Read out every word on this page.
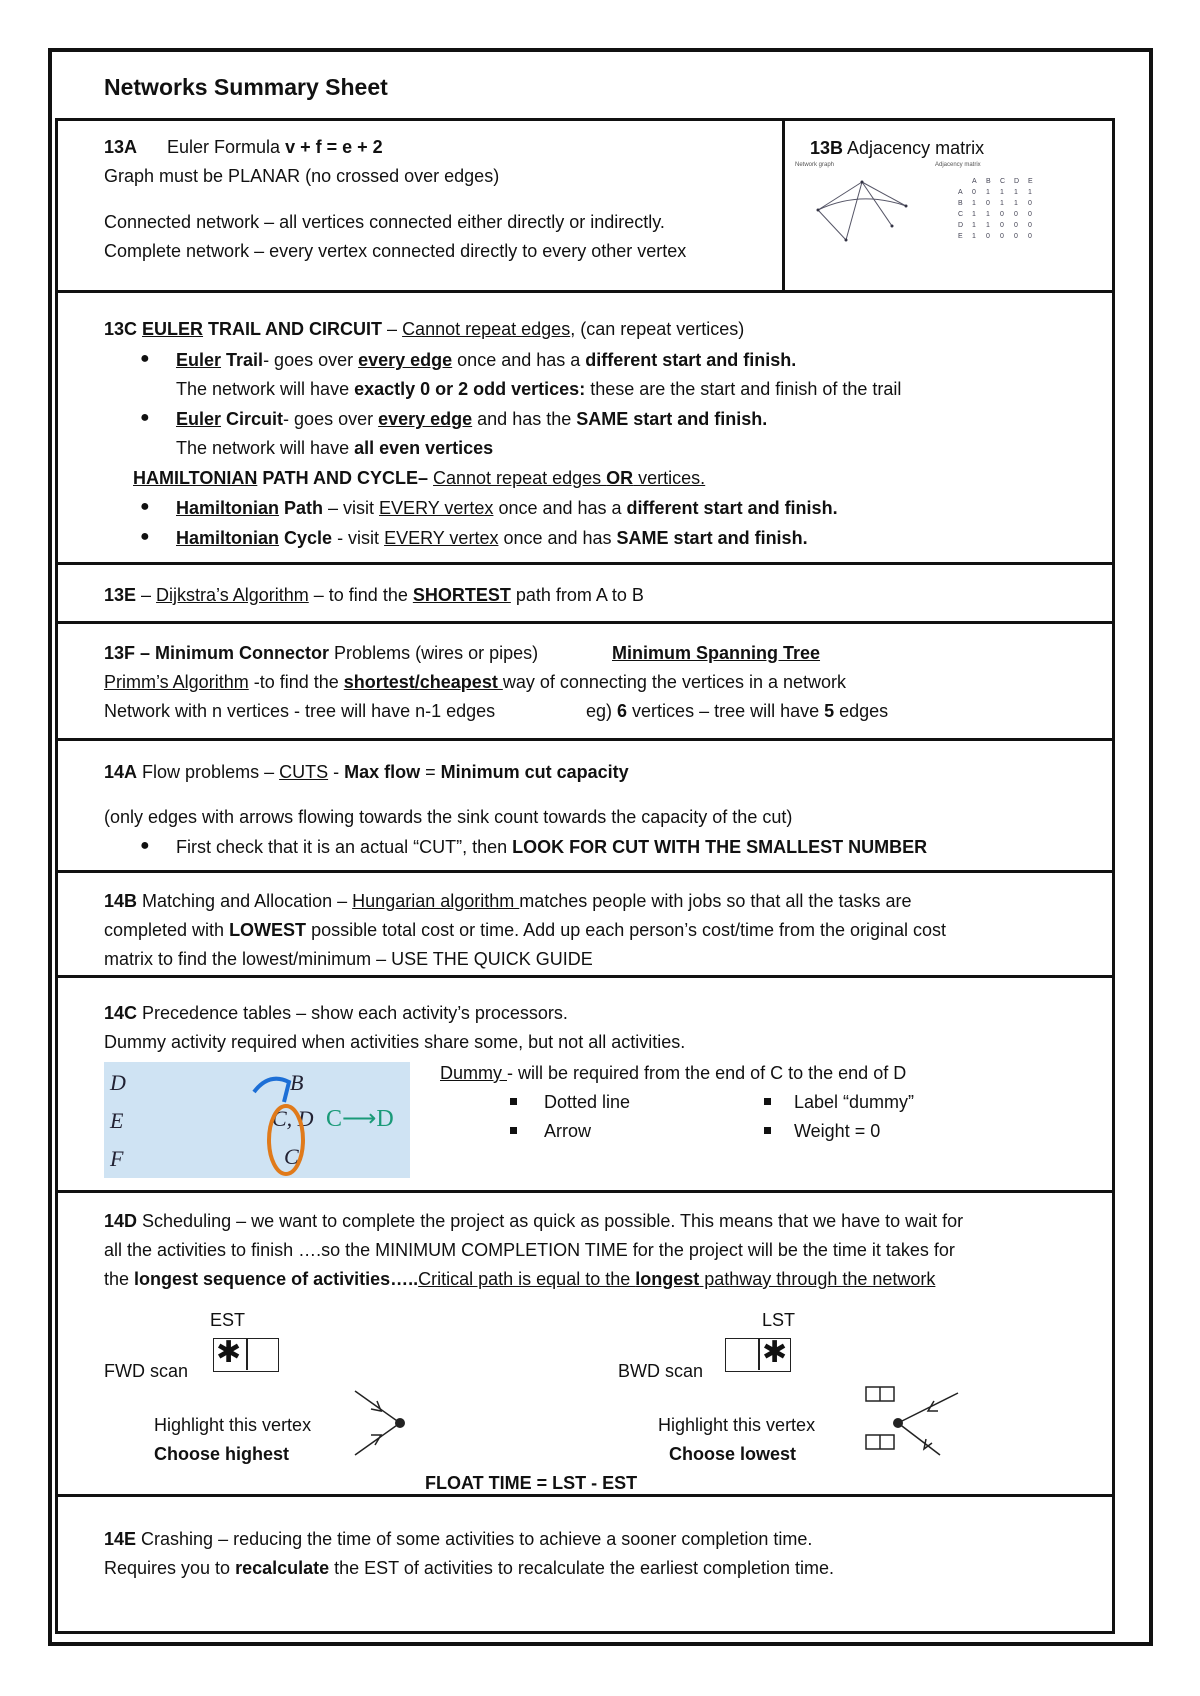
Networks Summary Sheet
13A Euler Formula v + f = e + 2
Graph must be PLANAR (no crossed over edges)
Connected network – all vertices connected either directly or indirectly.
Complete network – every vertex connected directly to every other vertex
13B Adjacency matrix
Network graph	Adjacency matrix
A B C D E
A 0 1 1 1 1
B 1 0 1 1 0
C 1 1 0 0 0
D 1 1 0 0 0
E 1 0 0 0 0
13C EULER TRAIL AND CIRCUIT – Cannot repeat edges, (can repeat vertices)
● Euler Trail- goes over every edge once and has a different start and finish.
The network will have exactly 0 or 2 odd vertices: these are the start and finish of the trail
● Euler Circuit- goes over every edge and has the SAME start and finish.
The network will have all even vertices
HAMILTONIAN PATH AND CYCLE– Cannot repeat edges OR vertices.
● Hamiltonian Path – visit EVERY vertex once and has a different start and finish.
● Hamiltonian Cycle - visit EVERY vertex once and has SAME start and finish.
13E – Dijkstra’s Algorithm – to find the SHORTEST path from A to B
13F – Minimum Connector Problems (wires or pipes)	Minimum Spanning Tree
Primm’s Algorithm -to find the shortest/cheapest way of connecting the vertices in a network
Network with n vertices - tree will have n-1 edges	eg) 6 vertices – tree will have 5 edges
14A Flow problems – CUTS - Max flow = Minimum cut capacity
(only edges with arrows flowing towards the sink count towards the capacity of the cut)
● First check that it is an actual “CUT”, then LOOK FOR CUT WITH THE SMALLEST NUMBER
14B Matching and Allocation – Hungarian algorithm matches people with jobs so that all the tasks are
completed with LOWEST possible total cost or time. Add up each person’s cost/time from the original cost
matrix to find the lowest/minimum – USE THE QUICK GUIDE
14C Precedence tables – show each activity’s processors.
Dummy activity required when activities share some, but not all activities.
D
E
F
B
C, D
C
C⟶D
Dummy - will be required from the end of C to the end of D
Dotted line	Label “dummy”
Arrow	Weight = 0
14D Scheduling – we want to complete the project as quick as possible. This means that we have to wait for
all the activities to finish ….so the MINIMUM COMPLETION TIME for the project will be the time it takes for
the longest sequence of activities…..Critical path is equal to the longest pathway through the network
EST	LST
FWD scan	BWD scan
✱	✱
Highlight this vertex
Choose highest
Highlight this vertex
Choose lowest
FLOAT TIME = LST - EST
14E Crashing – reducing the time of some activities to achieve a sooner completion time.
Requires you to recalculate the EST of activities to recalculate the earliest completion time.
